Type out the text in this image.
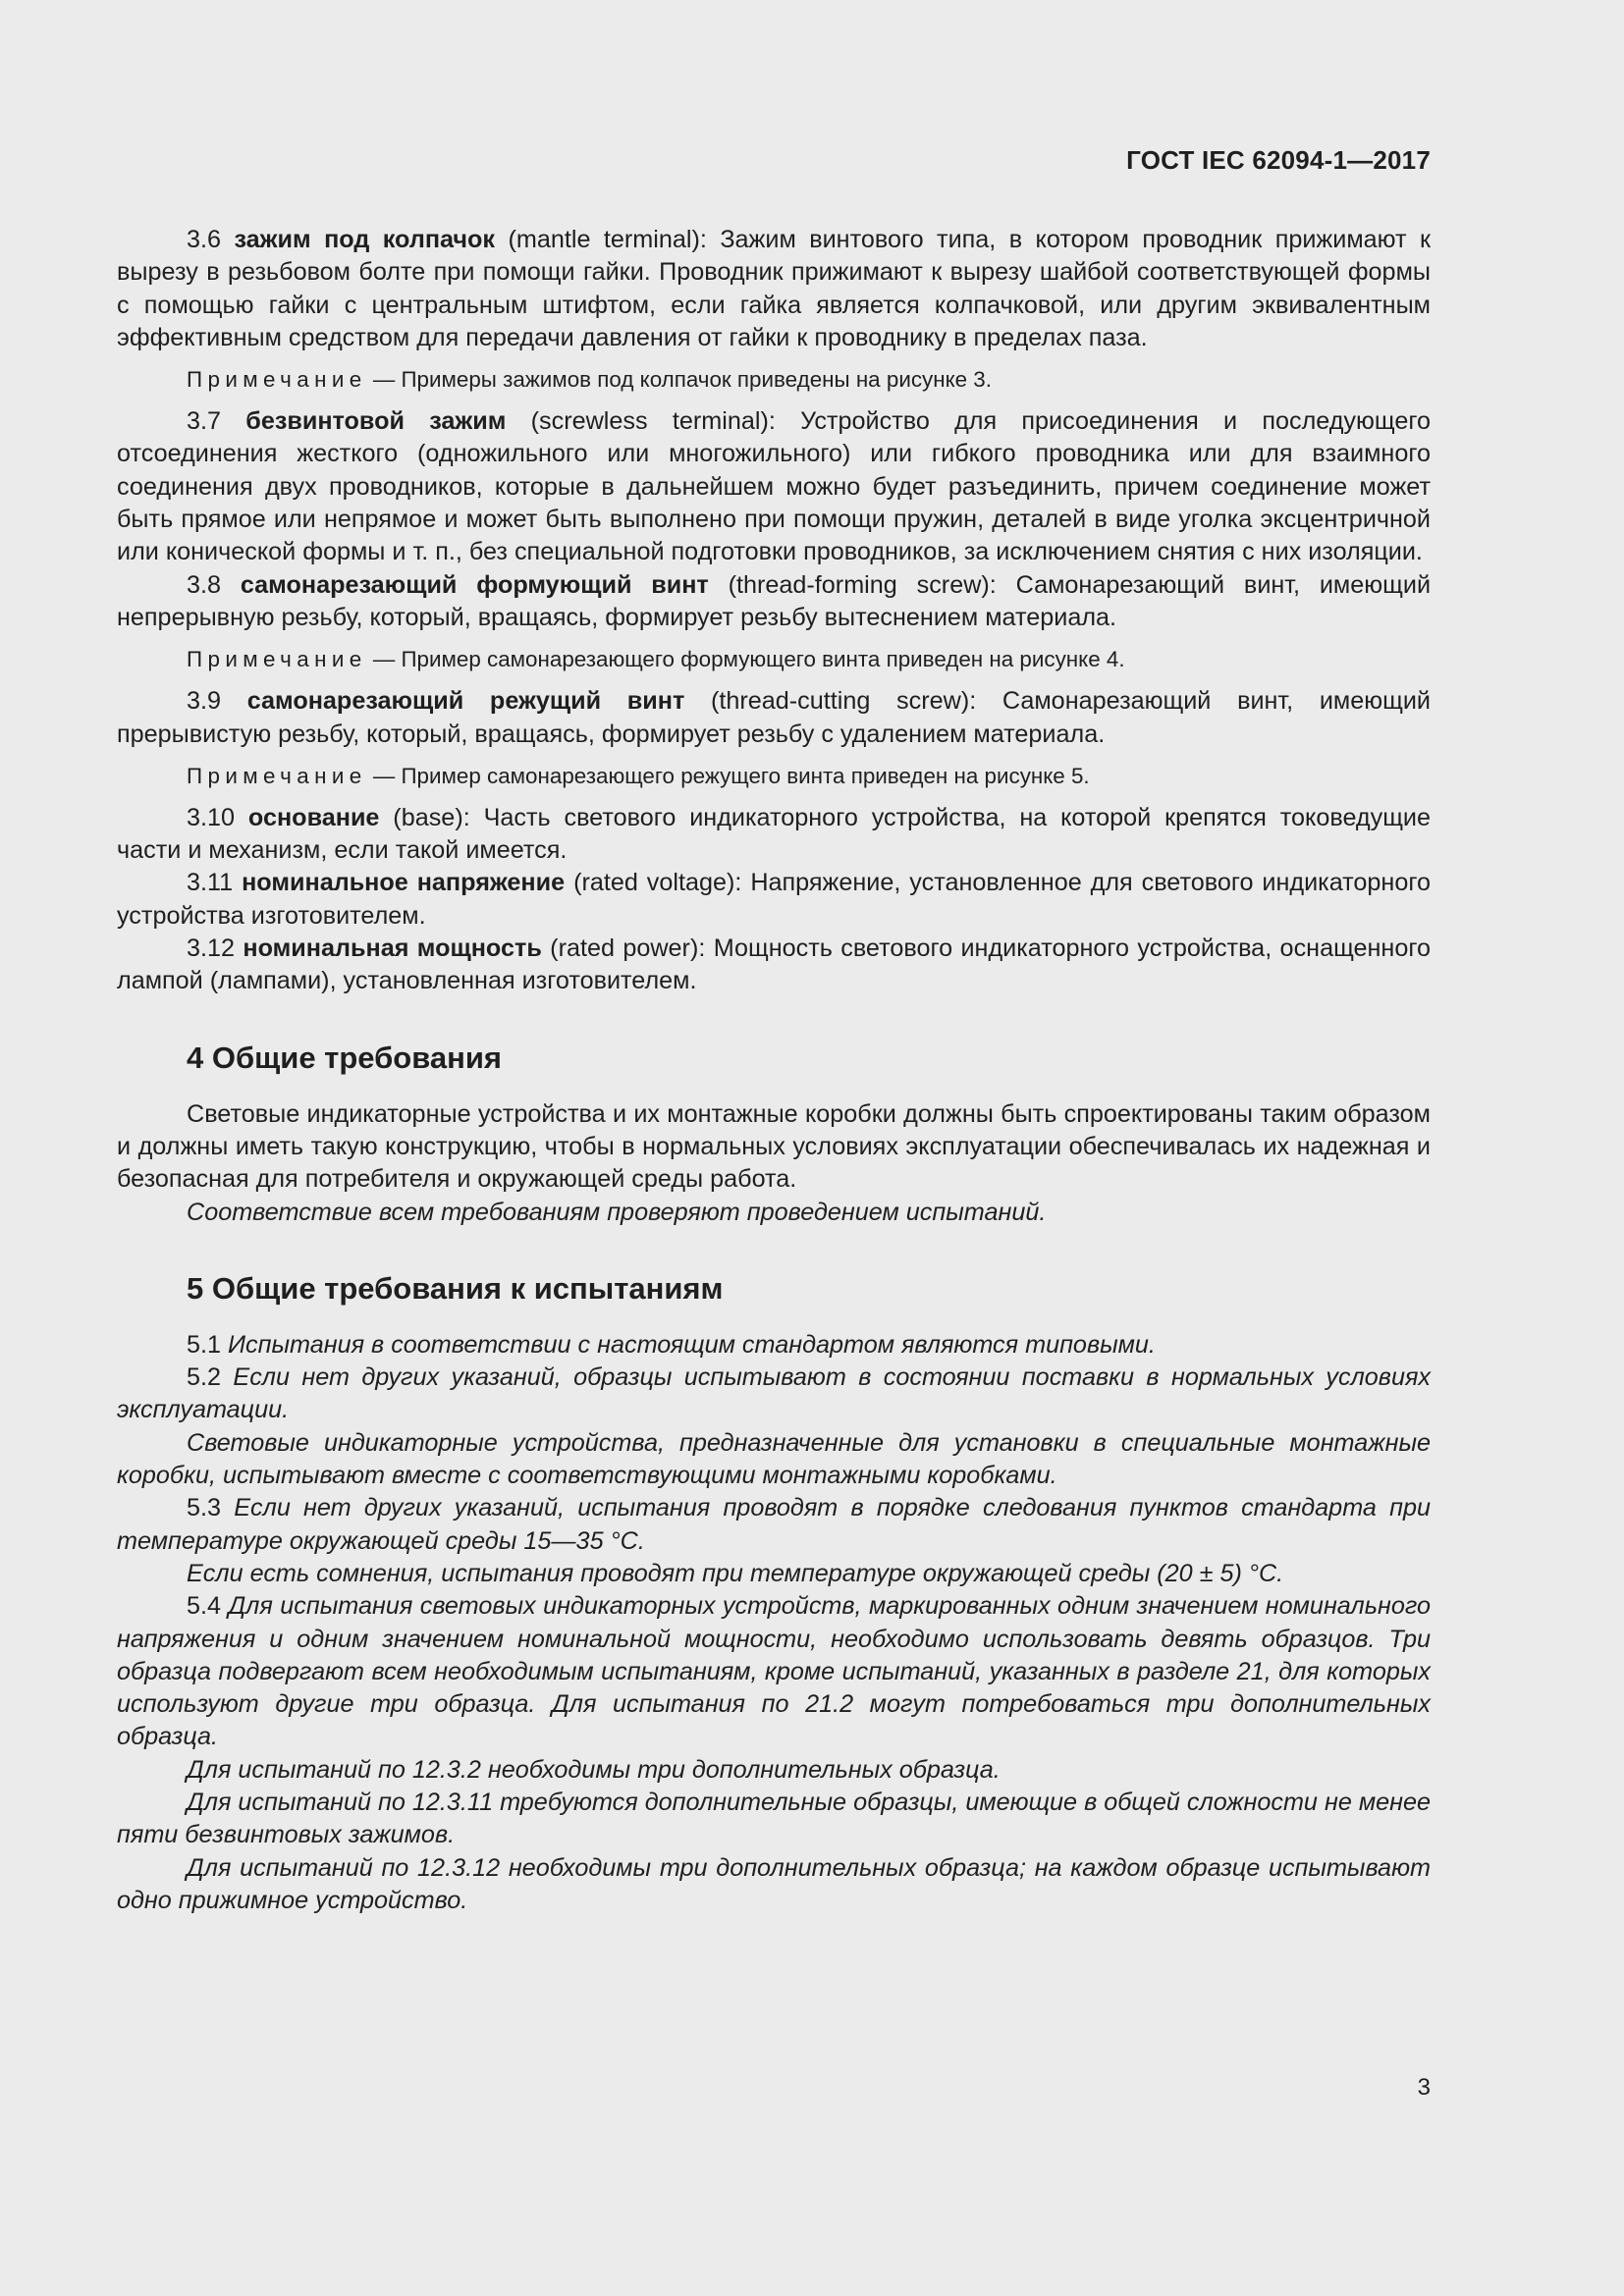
ГОСТ IEC 62094-1—2017

3.6 зажим под колпачок (mantle terminal): Зажим винтового типа, в котором проводник прижимают к вырезу в резьбовом болте при помощи гайки. Проводник прижимают к вырезу шайбой соответствующей формы с помощью гайки с центральным штифтом, если гайка является колпачковой, или другим эквивалентным эффективным средством для передачи давления от гайки к проводнику в пределах паза.

Примечание — Примеры зажимов под колпачок приведены на рисунке 3.

3.7 безвинтовой зажим (screwless terminal): Устройство для присоединения и последующего отсоединения жесткого (одножильного или многожильного) или гибкого проводника или для взаимного соединения двух проводников, которые в дальнейшем можно будет разъединить, причем соединение может быть прямое или непрямое и может быть выполнено при помощи пружин, деталей в виде уголка эксцентричной или конической формы и т. п., без специальной подготовки проводников, за исключением снятия с них изоляции.

3.8 самонарезающий формующий винт (thread-forming screw): Самонарезающий винт, имеющий непрерывную резьбу, который, вращаясь, формирует резьбу вытеснением материала.

Примечание — Пример самонарезающего формующего винта приведен на рисунке 4.

3.9 самонарезающий режущий винт (thread-cutting screw): Самонарезающий винт, имеющий прерывистую резьбу, который, вращаясь, формирует резьбу с удалением материала.

Примечание — Пример самонарезающего режущего винта приведен на рисунке 5.

3.10 основание (base): Часть светового индикаторного устройства, на которой крепятся токоведущие части и механизм, если такой имеется.

3.11 номинальное напряжение (rated voltage): Напряжение, установленное для светового индикаторного устройства изготовителем.

3.12 номинальная мощность (rated power): Мощность светового индикаторного устройства, оснащенного лампой (лампами), установленная изготовителем.

4 Общие требования

Световые индикаторные устройства и их монтажные коробки должны быть спроектированы таким образом и должны иметь такую конструкцию, чтобы в нормальных условиях эксплуатации обеспечивалась их надежная и безопасная для потребителя и окружающей среды работа.

Соответствие всем требованиям проверяют проведением испытаний.

5 Общие требования к испытаниям

5.1 Испытания в соответствии с настоящим стандартом являются типовыми.

5.2 Если нет других указаний, образцы испытывают в состоянии поставки в нормальных условиях эксплуатации.

Световые индикаторные устройства, предназначенные для установки в специальные монтажные коробки, испытывают вместе с соответствующими монтажными коробками.

5.3 Если нет других указаний, испытания проводят в порядке следования пунктов стандарта при температуре окружающей среды 15—35 °C.

Если есть сомнения, испытания проводят при температуре окружающей среды (20 ± 5) °C.

5.4 Для испытания световых индикаторных устройств, маркированных одним значением номинального напряжения и одним значением номинальной мощности, необходимо использовать девять образцов. Три образца подвергают всем необходимым испытаниям, кроме испытаний, указанных в разделе 21, для которых используют другие три образца. Для испытания по 21.2 могут потребоваться три дополнительных образца.

Для испытаний по 12.3.2 необходимы три дополнительных образца.

Для испытаний по 12.3.11 требуются дополнительные образцы, имеющие в общей сложности не менее пяти безвинтовых зажимов.

Для испытаний по 12.3.12 необходимы три дополнительных образца; на каждом образце испытывают одно прижимное устройство.

3
